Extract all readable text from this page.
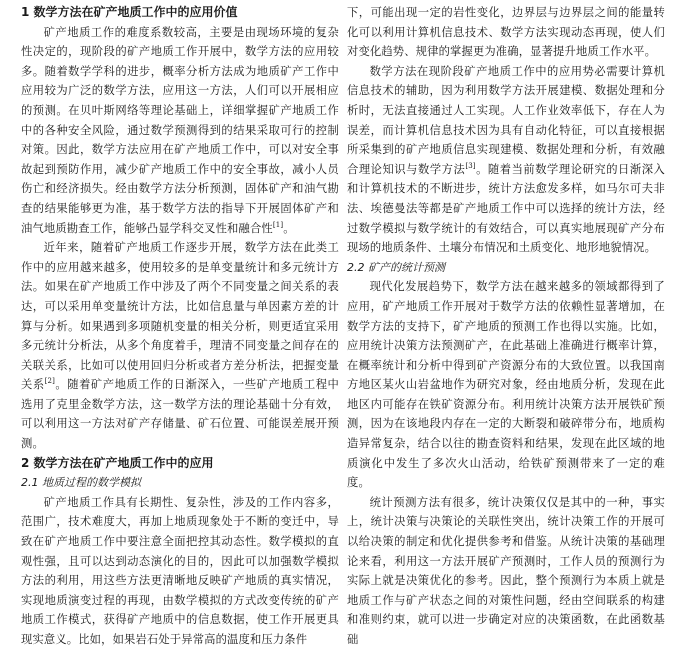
1 数学方法在矿产地质工作中的应用价值

矿产地质工作的难度系数较高，主要是由现场环境的复杂性决定的，现阶段的矿产地质工作开展中，数学方法的应用较多。随着数学学科的进步，概率分析方法成为地质矿产工作中应用较为广泛的数学方法，应用这一方法，人们可以开展相应的预测。在贝叶斯网络等理论基础上，详细掌握矿产地质工作中的各种安全风险，通过数学预测得到的结果采取可行的控制对策。因此，数学方法应用在矿产地质工作中，可以对安全事故起到预防作用，减少矿产地质工作中的安全事故，减小人员伤亡和经济损失。经由数学方法分析预测，固体矿产和油气勘查的结果能够更为准，基于数学方法的指导下开展固体矿产和油气地质勘查工作，能够凸显学科交叉性和融合性[1]。

近年来，随着矿产地质工作逐步开展，数学方法在此类工作中的应用越来越多，使用较多的是单变量统计和多元统计方法。如果在矿产地质工作中涉及了两个不同变量之间关系的表达，可以采用单变量统计方法，比如信息量与单因素方差的计算与分析。如果遇到多项随机变量的相关分析，则更适宜采用多元统计分析法，从多个角度着手，理清不同变量之间存在的关联关系，比如可以使用回归分析或者方差分析法，把握变量关系[2]。随着矿产地质工作的日渐深入，一些矿产地质工程中选用了克里金数学方法，这一数学方法的理论基础十分有效，可以利用这一方法对矿产存储量、矿石位置、可能误差展开预测。

2 数学方法在矿产地质工作中的应用
2.1 地质过程的数学模拟

矿产地质工作具有长期性、复杂性，涉及的工作内容多，范围广，技术难度大，再加上地质现象处于不断的变迁中，导致在矿产地质工作中要注意全面把控其动态性。数学模拟的直观性强，且可以达到动态演化的目的，因此可以加强数学模拟方法的利用，用这些方法更清晰地反映矿产地质的真实情况，实现地质演变过程的再现，由数学模拟的方式改变传统的矿产地质工作模式，获得矿产地质中的信息数据，使工作开展更具现实意义。比如，如果岩石处于异常高的温度和压力条件

下，可能出现一定的岩性变化，边界层与边界层之间的能量转化可以利用计算机信息技术、数学方法实现动态再现，使人们对变化趋势、规律的掌握更为准确，显著提升地质工作水平。

数学方法在现阶段矿产地质工作中的应用势必需要计算机信息技术的辅助，因为利用数学方法开展建模、数据处理和分析时，无法直接通过人工实现。人工作业效率低下，存在人为误差，而计算机信息技术因为具有自动化特征，可以直接根据所采集到的矿产地质信息实现建模、数据处理和分析，有效融合理论知识与数学方法[3]。随着当前数学理论研究的日渐深入和计算机技术的不断进步，统计方法愈发多样，如马尔可夫非法、埃德曼法等都是矿产地质工作中可以选择的统计方法，经过数学模拟与数学统计的有效结合，可以真实地展现矿产分布现场的地质条件、土壤分布情况和土质变化、地形地貌情况。

2.2 矿产的统计预测

现代化发展趋势下，数学方法在越来越多的领域都得到了应用，矿产地质工作开展对于数学方法的依赖性显著增加，在数学方法的支持下，矿产地质的预测工作也得以实施。比如，应用统计决策方法预测矿产，在此基础上准确进行概率计算，在概率统计和分析中得到矿产资源分布的大致位置。以我国南方地区某火山岩盆地作为研究对象，经由地质分析，发现在此地区内可能存在铁矿资源分布。利用统计决策方法开展铁矿预测，因为在该地段内存在一定的大断裂和破碎带分布，地质构造异常复杂，结合以往的勘查资料和结果，发现在此区域的地质演化中发生了多次火山活动，给铁矿预测带来了一定的难度。

统计预测方法有很多，统计决策仅仅是其中的一种，事实上，统计决策与决策论的关联性突出，统计决策工作的开展可以给决策的制定和优化提供参考和借鉴。从统计决策的基础理论来看，利用这一方法开展矿产预测时，工作人员的预测行为实际上就是决策优化的参考。因此，整个预测行为本质上就是地质工作与矿产状态之间的对策性问题，经由空间联系的构建和准则约束，就可以进一步确定对应的决策函数，在此函数基础
